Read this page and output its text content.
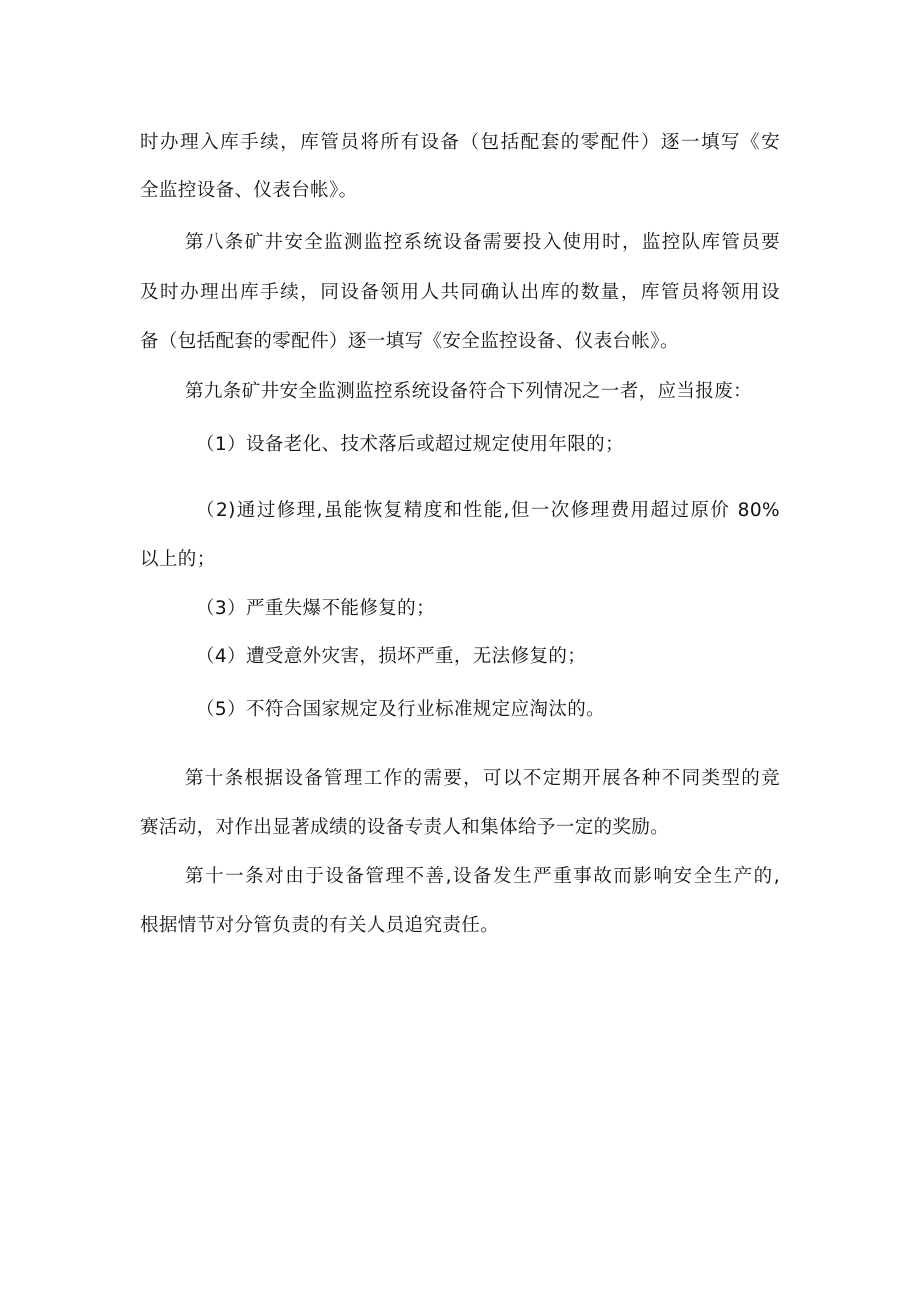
时办理入库手续，库管员将所有设备（包括配套的零配件）逐一填写《安
全监控设备、仪表台帐》。
第八条矿井安全监测监控系统设备需要投入使用时，监控队库管员要
及时办理出库手续，同设备领用人共同确认出库的数量，库管员将领用设
备（包括配套的零配件）逐一填写《安全监控设备、仪表台帐》。
第九条矿井安全监测监控系统设备符合下列情况之一者，应当报废：
（1）设备老化、技术落后或超过规定使用年限的；
（2)通过修理,虽能恢复精度和性能,但一次修理费用超过原价 80%
以上的；
（3）严重失爆不能修复的；
（4）遭受意外灾害，损坏严重，无法修复的；
（5）不符合国家规定及行业标准规定应淘汰的。
第十条根据设备管理工作的需要，可以不定期开展各种不同类型的竞
赛活动，对作出显著成绩的设备专责人和集体给予一定的奖励。
第十一条对由于设备管理不善,设备发生严重事故而影响安全生产的,
根据情节对分管负责的有关人员追究责任。
